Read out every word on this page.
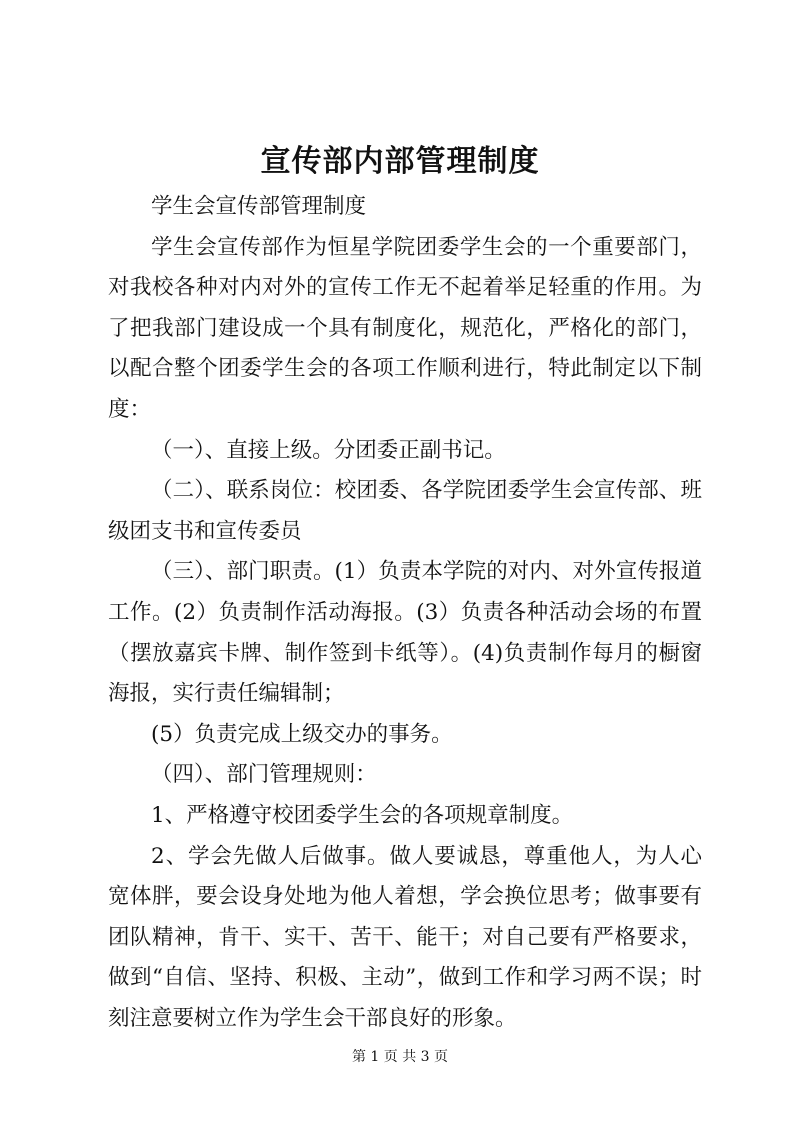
宣传部内部管理制度

学生会宣传部管理制度

学生会宣传部作为恒星学院团委学生会的一个重要部门，对我校各种对内对外的宣传工作无不起着举足轻重的作用。为了把我部门建设成一个具有制度化，规范化，严格化的部门，以配合整个团委学生会的各项工作顺利进行，特此制定以下制度：

（一）、直接上级。分团委正副书记。

（二）、联系岗位：校团委、各学院团委学生会宣传部、班级团支书和宣传委员

（三）、部门职责。(1）负责本学院的对内、对外宣传报道工作。(2）负责制作活动海报。(3）负责各种活动会场的布置（摆放嘉宾卡牌、制作签到卡纸等）。(4)负责制作每月的橱窗海报，实行责任编辑制；

(5）负责完成上级交办的事务。

（四）、部门管理规则：

1、严格遵守校团委学生会的各项规章制度。

2、学会先做人后做事。做人要诚恳，尊重他人，为人心宽体胖，要会设身处地为他人着想，学会换位思考；做事要有团队精神，肯干、实干、苦干、能干；对自己要有严格要求，做到“自信、坚持、积极、主动”，做到工作和学习两不误；时刻注意要树立作为学生会干部良好的形象。

第 1 页 共 3 页
